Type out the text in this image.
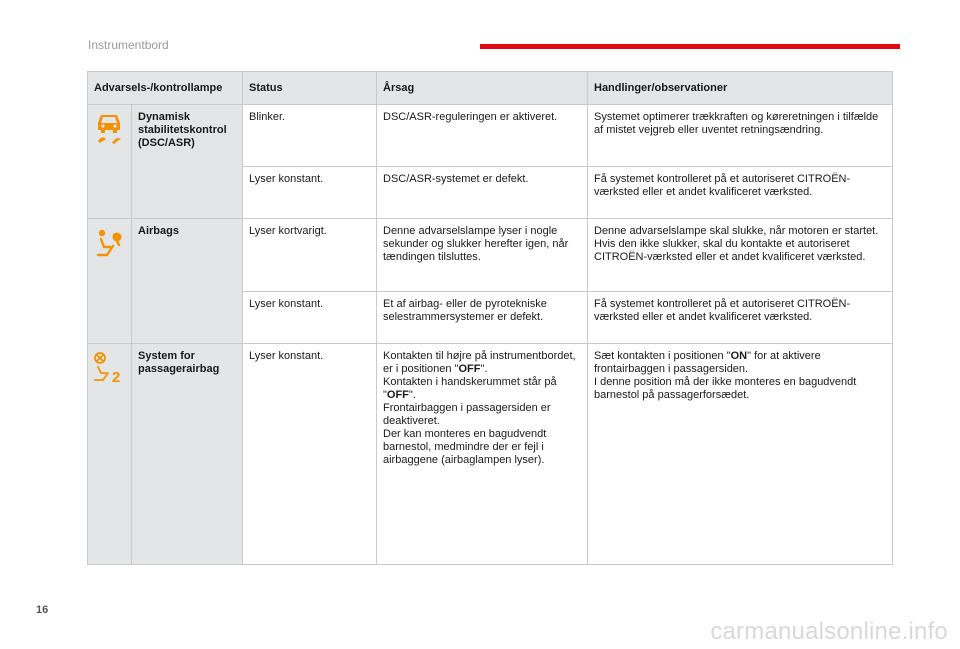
Instrumentbord
Advarsels-/kontrollampe		Status	Årsag	Handlinger/observationer
	Dynamisk stabilitetskontrol (DSC/ASR)	Blinker.	DSC/ASR-reguleringen er aktiveret.	Systemet optimerer trækkraften og køreretningen i tilfælde af mistet vejgreb eller uventet retningsændring.
		Lyser konstant.	DSC/ASR-systemet er defekt.	Få systemet kontrolleret på et autoriseret CITROËN-værksted eller et andet kvalificeret værksted.
	Airbags	Lyser kortvarigt.	Denne advarselslampe lyser i nogle sekunder og slukker herefter igen, når tændingen tilsluttes.	Denne advarselslampe skal slukke, når motoren er startet.
Hvis den ikke slukker, skal du kontakte et autoriseret CITROËN-værksted eller et andet kvalificeret værksted.
		Lyser konstant.	Et af airbag- eller de pyrotekniske selestrammersystemer er defekt.	Få systemet kontrolleret på et autoriseret CITROËN-værksted eller et andet kvalificeret værksted.

2	System for passagerairbag	Lyser konstant.	Kontakten til højre på instrumentbordet, er i positionen "OFF".
Kontakten i handskerummet står på "OFF".
Frontairbaggen i passagersiden er deaktiveret.
Der kan monteres en bagudvendt barnestol, medmindre der er fejl i airbaggene (airbaglampen lyser).	Sæt kontakten i positionen "ON" for at aktivere frontairbaggen i passagersiden.
I denne position må der ikke monteres en bagudvendt barnestol på passagerforsædet.
16
carmanualsonline.info
